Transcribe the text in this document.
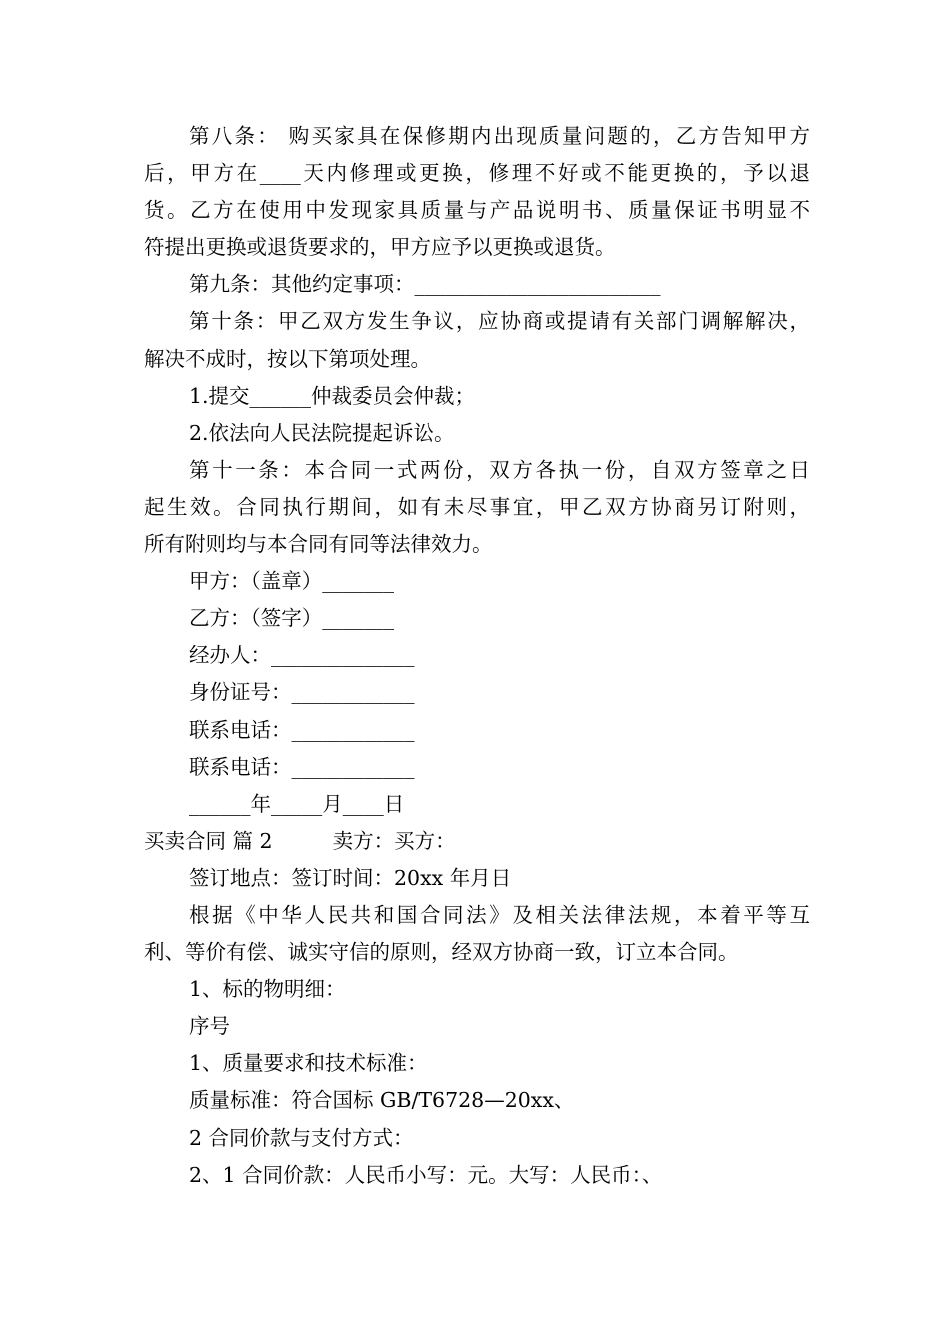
第八条： 购买家具在保修期内出现质量问题的，乙方告知甲方
后，甲方在____天内修理或更换，修理不好或不能更换的，予以退
货。乙方在使用中发现家具质量与产品说明书、质量保证书明显不
符提出更换或退货要求的，甲方应予以更换或退货。
第九条：其他约定事项：________________________
第十条：甲乙双方发生争议，应协商或提请有关部门调解解决，
解决不成时，按以下第项处理。
1.提交______仲裁委员会仲裁；
2.依法向人民法院提起诉讼。
第十一条：本合同一式两份，双方各执一份，自双方签章之日
起生效。合同执行期间，如有未尽事宜，甲乙双方协商另订附则，
所有附则均与本合同有同等法律效力。
甲方：（盖章）_______
乙方：（签字）_______
经办人：______________
身份证号：____________
联系电话：____________
联系电话：____________
______年_____月____日
买卖合同 篇 2	卖方：买方：
签订地点：签订时间：20xx 年月日
根据《中华人民共和国合同法》及相关法律法规，本着平等互
利、等价有偿、诚实守信的原则，经双方协商一致，订立本合同。
1、标的物明细：
序号
1、质量要求和技术标准：
质量标准：符合国标 GB/T6728—20xx、
2 合同价款与支付方式：
2、1 合同价款：人民币小写：元。大写：人民币：、
